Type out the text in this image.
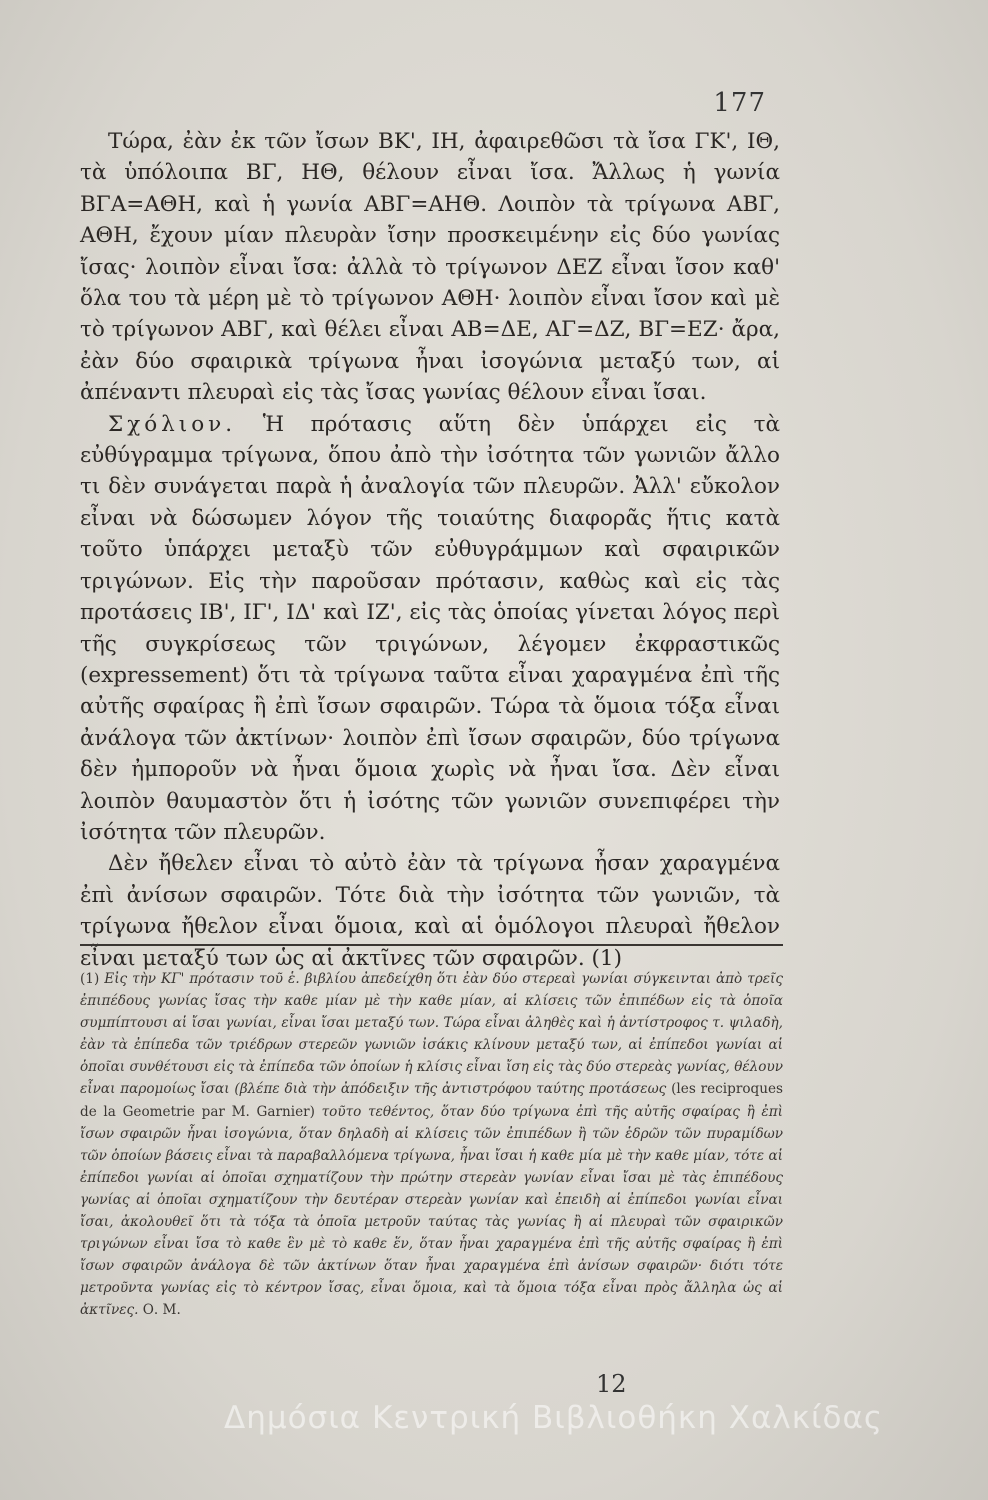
177

Τώρα, ἐὰν ἐκ τῶν ἴσων ΒΚ', ΙΗ, ἀφαιρεθῶσι τὰ ἴσα ΓΚ', ΙΘ, τὰ ὑπόλοιπα ΒΓ, ΗΘ, θέλουν εἶναι ἴσα. Ἄλλως ἡ γωνία ΒΓΑ=ΑΘΗ, καὶ ἡ γωνία ΑΒΓ=ΑΗΘ. Λοιπὸν τὰ τρίγωνα ΑΒΓ, ΑΘΗ, ἔχουν μίαν πλευρὰν ἴσην προσκειμένην εἰς δύο γωνίας ἴσας· λοιπὸν εἶναι ἴσα: ἀλλὰ τὸ τρίγωνον ΔΕΖ εἶναι ἴσον καθ' ὅλα του τὰ μέρη μὲ τὸ τρίγωνον ΑΘΗ· λοιπὸν εἶναι ἴσον καὶ μὲ τὸ τρίγωνον ΑΒΓ, καὶ θέλει εἶναι ΑΒ=ΔΕ, ΑΓ=ΔΖ, ΒΓ=ΕΖ· ἄρα, ἐὰν δύο σφαιρικὰ τρίγωνα ἦναι ἰσογώνια μεταξύ των, αἱ ἀπέναντι πλευραὶ εἰς τὰς ἴσας γωνίας θέλουν εἶναι ἴσαι.

Σχόλιον. Ἡ πρότασις αὕτη δὲν ὑπάρχει εἰς τὰ εὐθύγραμμα τρίγωνα, ὅπου ἀπὸ τὴν ἰσότητα τῶν γωνιῶν ἄλλο τι δὲν συνάγεται παρὰ ἡ ἀναλογία τῶν πλευρῶν. Ἀλλ' εὔκολον εἶναι νὰ δώσωμεν λόγον τῆς τοιαύτης διαφορᾶς ἥτις κατὰ τοῦτο ὑπάρχει μεταξὺ τῶν εὐθυγράμμων καὶ σφαιρικῶν τριγώνων. Εἰς τὴν παροῦσαν πρότασιν, καθὼς καὶ εἰς τὰς προτάσεις ΙΒ', ΙΓ', ΙΔ' καὶ ΙΖ', εἰς τὰς ὁποίας γίνεται λόγος περὶ τῆς συγκρίσεως τῶν τριγώνων, λέγομεν ἐκφραστικῶς (expressement) ὅτι τὰ τρίγωνα ταῦτα εἶναι χαραγμένα ἐπὶ τῆς αὐτῆς σφαίρας ἢ ἐπὶ ἴσων σφαιρῶν. Τώρα τὰ ὅμοια τόξα εἶναι ἀνάλογα τῶν ἀκτίνων· λοιπὸν ἐπὶ ἴσων σφαιρῶν, δύο τρίγωνα δὲν ἠμποροῦν νὰ ἦναι ὅμοια χωρὶς νὰ ἦναι ἴσα. Δὲν εἶναι λοιπὸν θαυμαστὸν ὅτι ἡ ἰσότης τῶν γωνιῶν συνεπιφέρει τὴν ἰσότητα τῶν πλευρῶν.

Δὲν ἤθελεν εἶναι τὸ αὐτὸ ἐὰν τὰ τρίγωνα ἦσαν χαραγμένα ἐπὶ ἀνίσων σφαιρῶν. Τότε διὰ τὴν ἰσότητα τῶν γωνιῶν, τὰ τρίγωνα ἤθελον εἶναι ὅμοια, καὶ αἱ ὁμόλογοι πλευραὶ ἤθελον εἶναι μεταξύ των ὡς αἱ ἀκτῖνες τῶν σφαιρῶν. (1)

(1) Εἰς τὴν ΚΓ' πρότασιν τοῦ ἑ. βιβλίου ἀπεδείχθη ὅτι ἐὰν δύο στερεαὶ γωνίαι σύγκεινται ἀπὸ τρεῖς ἐπιπέδους γωνίας ἴσας τὴν καθε μίαν μὲ τὴν καθε μίαν, αἱ κλίσεις τῶν ἐπιπέδων εἰς τὰ ὁποῖα συμπίπτουσι αἱ ἴσαι γωνίαι, εἶναι ἴσαι μεταξύ των. Τώρα εἶναι ἀληθὲς καὶ ἡ ἀντίστροφος τ. ψιλαδὴ, ἐὰν τὰ ἐπίπεδα τῶν τριέδρων στερεῶν γωνιῶν ἰσάκις κλίνουν μεταξύ των, αἱ ἐπίπεδοι γωνίαι αἱ ὁποῖαι συνθέτουσι εἰς τὰ ἐπίπεδα τῶν ὁποίων ἡ κλίσις εἶναι ἴση εἰς τὰς δύο στερεὰς γωνίας, θέλουν εἶναι παρομοίως ἴσαι (βλέπε διὰ τὴν ἀπόδειξιν τῆς ἀντιστρόφου ταύτης προτάσεως (les reciproques de la Geometrie par M. Garnier) τοῦτο τεθέντος, ὅταν δύο τρίγωνα ἐπὶ τῆς αὐτῆς σφαίρας ἢ ἐπὶ ἴσων σφαιρῶν ἦναι ἰσογώνια, ὅταν δηλαδὴ αἱ κλίσεις τῶν ἐπιπέδων ἢ τῶν ἑδρῶν τῶν πυραμίδων τῶν ὁποίων βάσεις εἶναι τὰ παραβαλλόμενα τρίγωνα, ἦναι ἴσαι ἡ καθε μία μὲ τὴν καθε μίαν, τότε αἱ ἐπίπεδοι γωνίαι αἱ ὁποῖαι σχηματίζουν τὴν πρώτην στερεὰν γωνίαν εἶναι ἴσαι μὲ τὰς ἐπιπέδους γωνίας αἱ ὁποῖαι σχηματίζουν τὴν δευτέραν στερεὰν γωνίαν καὶ ἐπειδὴ αἱ ἐπίπεδοι γωνίαι εἶναι ἴσαι, ἀκολουθεῖ ὅτι τὰ τόξα τὰ ὁποῖα μετροῦν ταύτας τὰς γωνίας ἢ αἱ πλευραὶ τῶν σφαιρικῶν τριγώνων εἶναι ἴσα τὸ καθε ἓν μὲ τὸ καθε ἕν, ὅταν ἦναι χαραγμένα ἐπὶ τῆς αὐτῆς σφαίρας ἢ ἐπὶ ἴσων σφαιρῶν ἀνάλογα δὲ τῶν ἀκτίνων ὅταν ἦναι χαραγμένα ἐπὶ ἀνίσων σφαιρῶν· διότι τότε μετροῦντα γωνίας εἰς τὸ κέντρον ἴσας, εἶναι ὅμοια, καὶ τὰ ὅμοια τόξα εἶναι πρὸς ἄλληλα ὡς αἱ ἀκτῖνες. Ο. Μ.
12
Δημόσια Κεντρική Βιβλιοθήκη Χαλκίδας
